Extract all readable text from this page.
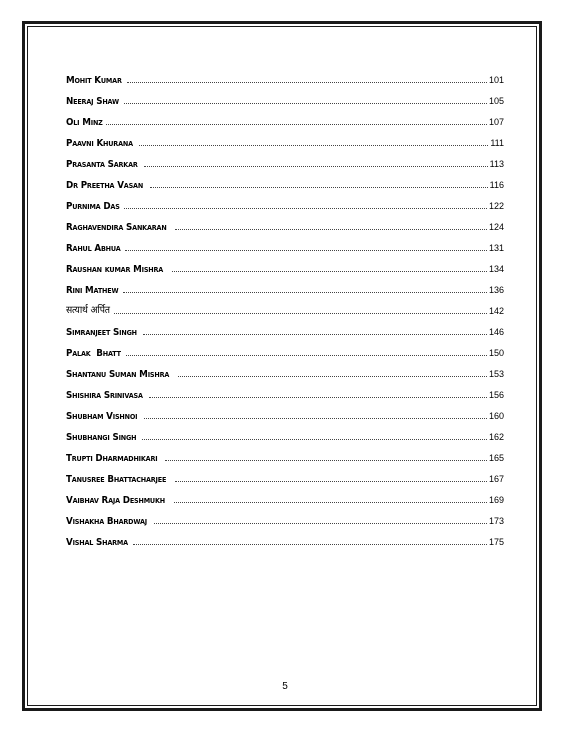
Mohit Kumar	101
Neeraj Shaw	105
Oli Minz	107
Paavni Khurana	111
Prasanta Sarkar	113
Dr Preetha Vasan	116
Purnima Das	122
Raghavendira Sankaran	124
Rahul Abhua	131
Raushan kumar Mishra	134
Rini Mathew	136
सत्यार्थ अर्पित	142
Simranjeet Singh	146
Palak  Bhatt	150
Shantanu Suman Mishra	153
Shishira Srinivasa	156
Shubham Vishnoi	160
Shubhangi Singh	162
Trupti Dharmadhikari	165
Tanusree Bhattacharjee	167
Vaibhav Raja Deshmukh	169
Vishakha Bhardwaj	173
Vishal Sharma	175
5
